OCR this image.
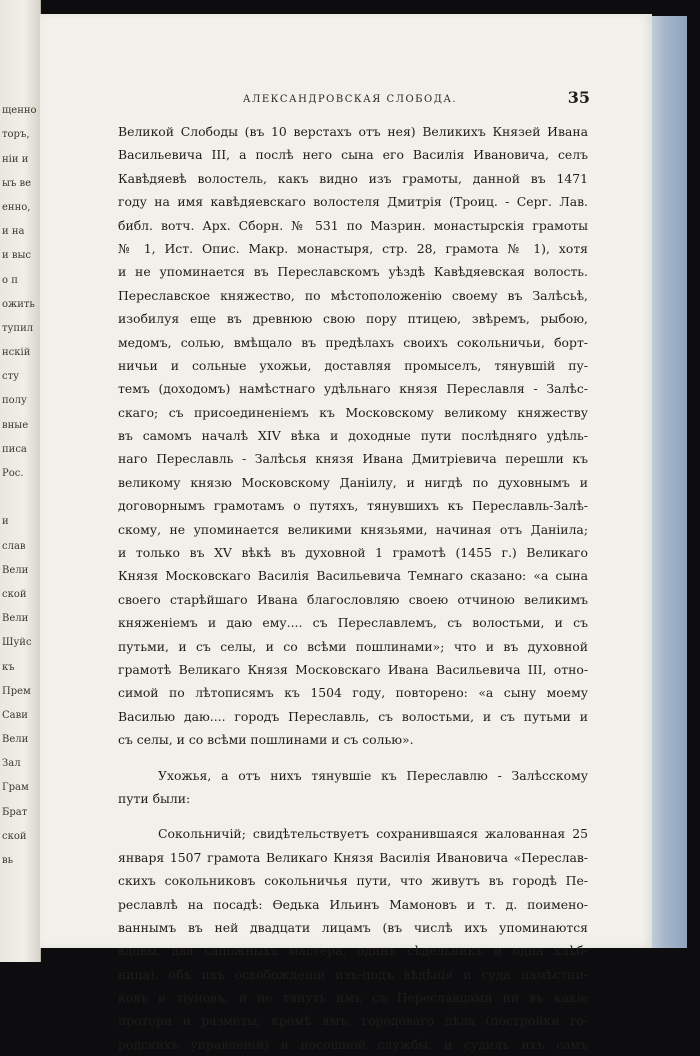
щенно
торъ,
ніи и
ыъ ве
енно,
и на
и выс
о п
ожить
тупил
нскій
сту
полу
вные
писа
Рос.
и
слав
Вели
ской
Вели
Шуйс
къ
Прем
Сави
Вели
Зал
Грам
Брат
ской
вь
АЛЕКСАНДРОВСКАЯ СЛОБОДА.	35
Великой Слободы (въ 10 верстахъ отъ нея) Великихъ Князей Ивана
Васильевича III, а послѣ него сына его Василія Ивановича, селъ
Кавѣдяевѣ волостель, какъ видно изъ грамоты, данной въ 1471
году на имя кавѣдяевскаго волостеля Дмитрія (Троиц. - Серг. Лав.
библ. вотч. Арх. Сборн. № 531 по Мазрин. монастырскія грамоты
№ 1, Ист. Опис. Макр. монастыря, стр. 28, грамота № 1), хотя
и не упоминается въ Переславскомъ уѣздѣ Кавѣдяевская волость.
Переславское княжество, по мѣстоположенію своему въ Залѣсьѣ,
изобилуя еще въ древнюю свою пору птицею, звѣремъ, рыбою,
медомъ, солью, вмѣщало въ предѣлахъ своихъ сокольничьи, борт-
ничьи и сольные ухожьи, доставляя промыселъ, тянувшій пу-
темъ (доходомъ) намѣстнаго удѣльнаго князя Переславля - Залѣс-
скаго; съ присоединеніемъ къ Московскому великому княжеству
въ самомъ началѣ XIV вѣка и доходные пути послѣдняго удѣль-
наго Переславль - Залѣсья князя Ивана Дмитріевича перешли къ
великому князю Московскому Даніилу, и нигдѣ по духовнымъ и
договорнымъ грамотамъ о путяхъ, тянувшихъ къ Переславль-Залѣ-
скому, не упоминается великими князьями, начиная отъ Даніила;
и только въ XV вѣкѣ въ духовной 1 грамотѣ (1455 г.) Великаго
Князя Московскаго Василія Васильевича Темнаго сказано: «а сына
своего старѣйшаго Ивана благословляю своею отчиною великимъ
княженіемъ и даю ему.... съ Переславлемъ, съ волостьми, и съ
путьми, и съ селы, и со всѣми пошлинами»; что и въ духовной
грамотѣ Великаго Князя Московскаго Ивана Васильевича III, отно-
симой по лѣтописямъ къ 1504 году, повторено: «а сыну моему
Василью даю.... городъ Переславль, съ волостьми, и съ путьми и
съ селы, и со всѣми пошлинами и съ солью».
Ухожья, а отъ нихъ тянувшіе къ Переславлю - Залѣсскому
пути были:
Сокольничій; свидѣтельствуетъ сохранившаяся жалованная 25
января 1507 грамота Великаго Князя Василія Ивановича «Переслав-
скихъ сокольниковъ сокольничья пути, что живутъ въ городѣ Пе-
реславлѣ на посадѣ: Ѳедька Ильинъ Мамоновъ и т. д. поимено-
ваннымъ въ ней двадцати лицамъ (въ числѣ ихъ упоминаются
вдовы, два сапожныхъ мастера, одинъ сѣдельникъ и одна хлѣб-
ница), объ ихъ освобожденіи изъ-подъ вѣдѣнія и суда намѣстни-
ковъ и тіуновъ, и не тянуть имъ съ Переславцами ни въ какіе
протори и разметы, кромѣ ямъ, городоваго дѣла (постройки го-
родскихъ управленій) и посошной службы, и судилъ ихъ самъ
